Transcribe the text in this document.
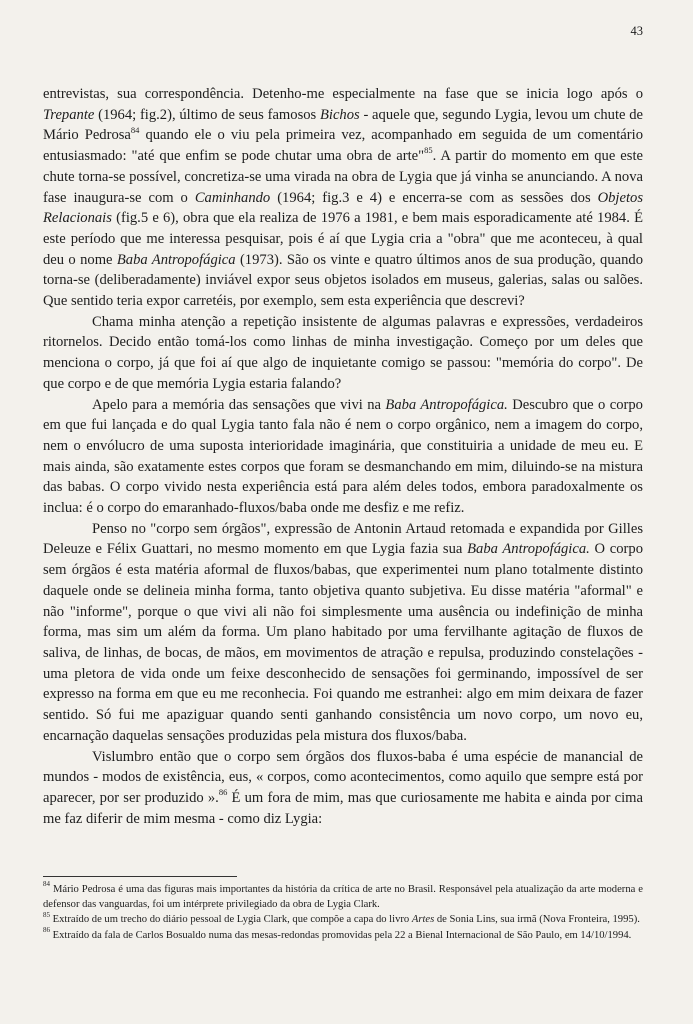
43

entrevistas, sua correspondência. Detenho-me especialmente na fase que se inicia logo após o Trepante (1964; fig.2), último de seus famosos Bichos - aquele que, segundo Lygia, levou um chute de Mário Pedrosa$^{84}$ quando ele o viu pela primeira vez, acompanhado em seguida de um comentário entusiasmado: "até que enfim se pode chutar uma obra de arte"$^{85}$. A partir do momento em que este chute torna-se possível, concretiza-se uma virada na obra de Lygia que já vinha se anunciando. A nova fase inaugura-se com o Caminhando (1964; fig.3 e 4) e encerra-se com as sessões dos Objetos Relacionais (fig.5 e 6), obra que ela realiza de 1976 a 1981, e bem mais esporadicamente até 1984. É este período que me interessa pesquisar, pois é aí que Lygia cria a "obra" que me aconteceu, à qual deu o nome Baba Antropofágica (1973). São os vinte e quatro últimos anos de sua produção, quando torna-se (deliberadamente) inviável expor seus objetos isolados em museus, galerias, salas ou salões. Que sentido teria expor carretéis, por exemplo, sem esta experiência que descrevi?

Chama minha atenção a repetição insistente de algumas palavras e expressões, verdadeiros ritornelos. Decido então tomá-los como linhas de minha investigação. Começo por um deles que menciona o corpo, já que foi aí que algo de inquietante comigo se passou: "memória do corpo". De que corpo e de que memória Lygia estaria falando?

Apelo para a memória das sensações que vivi na Baba Antropofágica. Descubro que o corpo em que fui lançada e do qual Lygia tanto fala não é nem o corpo orgânico, nem a imagem do corpo, nem o envólucro de uma suposta interioridade imaginária, que constituiria a unidade de meu eu. E mais ainda, são exatamente estes corpos que foram se desmanchando em mim, diluindo-se na mistura das babas. O corpo vivido nesta experiência está para além deles todos, embora paradoxalmente os inclua: é o corpo do emaranhado-fluxos/baba onde me desfiz e me refiz.

Penso no "corpo sem órgãos", expressão de Antonin Artaud retomada e expandida por Gilles Deleuze e Félix Guattari, no mesmo momento em que Lygia fazia sua Baba Antropofágica. O corpo sem órgãos é esta matéria aformal de fluxos/babas, que experimentei num plano totalmente distinto daquele onde se delineia minha forma, tanto objetiva quanto subjetiva. Eu disse matéria "aformal" e não "informe", porque o que vivi ali não foi simplesmente uma ausência ou indefinição de minha forma, mas sim um além da forma. Um plano habitado por uma fervilhante agitação de fluxos de saliva, de linhas, de bocas, de mãos, em movimentos de atração e repulsa, produzindo constelações - uma pletora de vida onde um feixe desconhecido de sensações foi germinando, impossível de ser expresso na forma em que eu me reconhecia. Foi quando me estranhei: algo em mim deixara de fazer sentido. Só fui me apaziguar quando senti ganhando consistência um novo corpo, um novo eu, encarnação daquelas sensações produzidas pela mistura dos fluxos/baba.

Vislumbro então que o corpo sem órgãos dos fluxos-baba é uma espécie de manancial de mundos - modos de existência, eus, « corpos, como acontecimentos, como aquilo que sempre está por aparecer, por ser produzido ».$^{86}$ É um fora de mim, mas que curiosamente me habita e ainda por cima me faz diferir de mim mesma - como diz Lygia:

$^{84}$ Mário Pedrosa é uma das figuras mais importantes da história da crítica de arte no Brasil. Responsável pela atualização da arte moderna e defensor das vanguardas, foi um intérprete privilegiado da obra de Lygia Clark.

$^{85}$ Extraído de um trecho do diário pessoal de Lygia Clark, que compõe a capa do livro Artes de Sonia Lins, sua irmã (Nova Fronteira, 1995).

$^{86}$ Extraído da fala de Carlos Bosualdo numa das mesas-redondas promovidas pela 22 a Bienal Internacional de São Paulo, em 14/10/1994.
